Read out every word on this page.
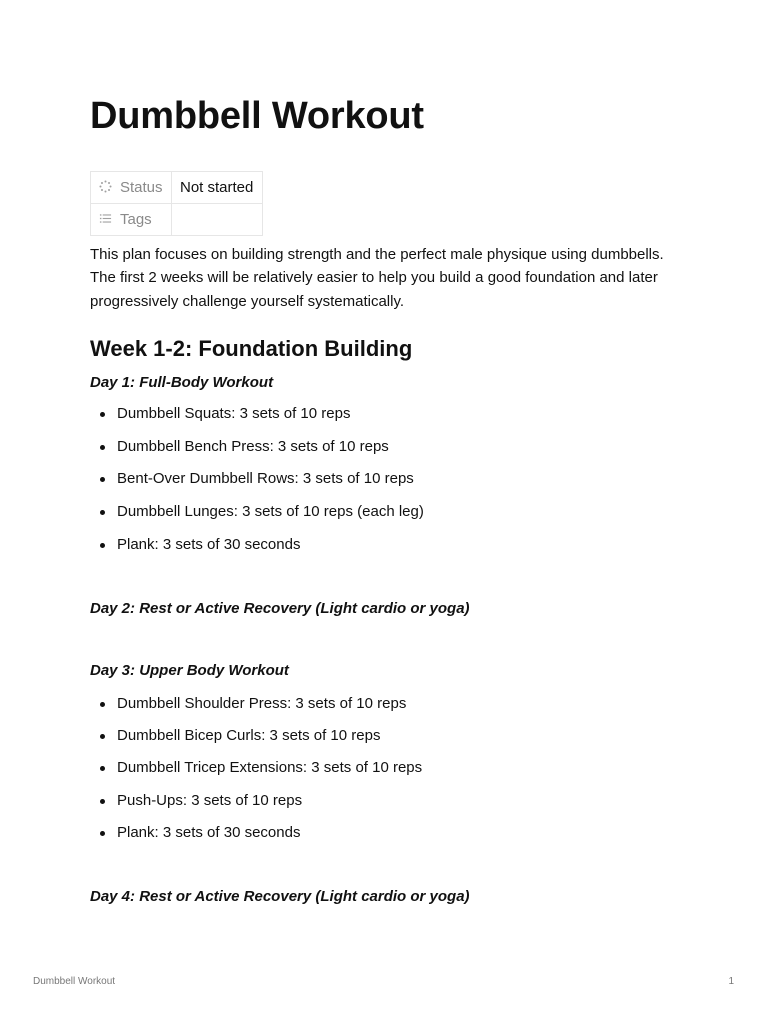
Dumbbell Workout
Status	Not started
Tags	

This plan focuses on building strength and the perfect male physique using dumbbells. The first 2 weeks will be relatively easier to help you build a good foundation and later progressively challenge yourself systematically.

Week 1-2: Foundation Building
Day 1: Full-Body Workout
Dumbbell Squats: 3 sets of 10 reps
Dumbbell Bench Press: 3 sets of 10 reps
Bent-Over Dumbbell Rows: 3 sets of 10 reps
Dumbbell Lunges: 3 sets of 10 reps (each leg)
Plank: 3 sets of 30 seconds
Day 2: Rest or Active Recovery (Light cardio or yoga)
Day 3: Upper Body Workout
Dumbbell Shoulder Press: 3 sets of 10 reps
Dumbbell Bicep Curls: 3 sets of 10 reps
Dumbbell Tricep Extensions: 3 sets of 10 reps
Push-Ups: 3 sets of 10 reps
Plank: 3 sets of 30 seconds
Day 4: Rest or Active Recovery (Light cardio or yoga)
Dumbbell Workout	1
